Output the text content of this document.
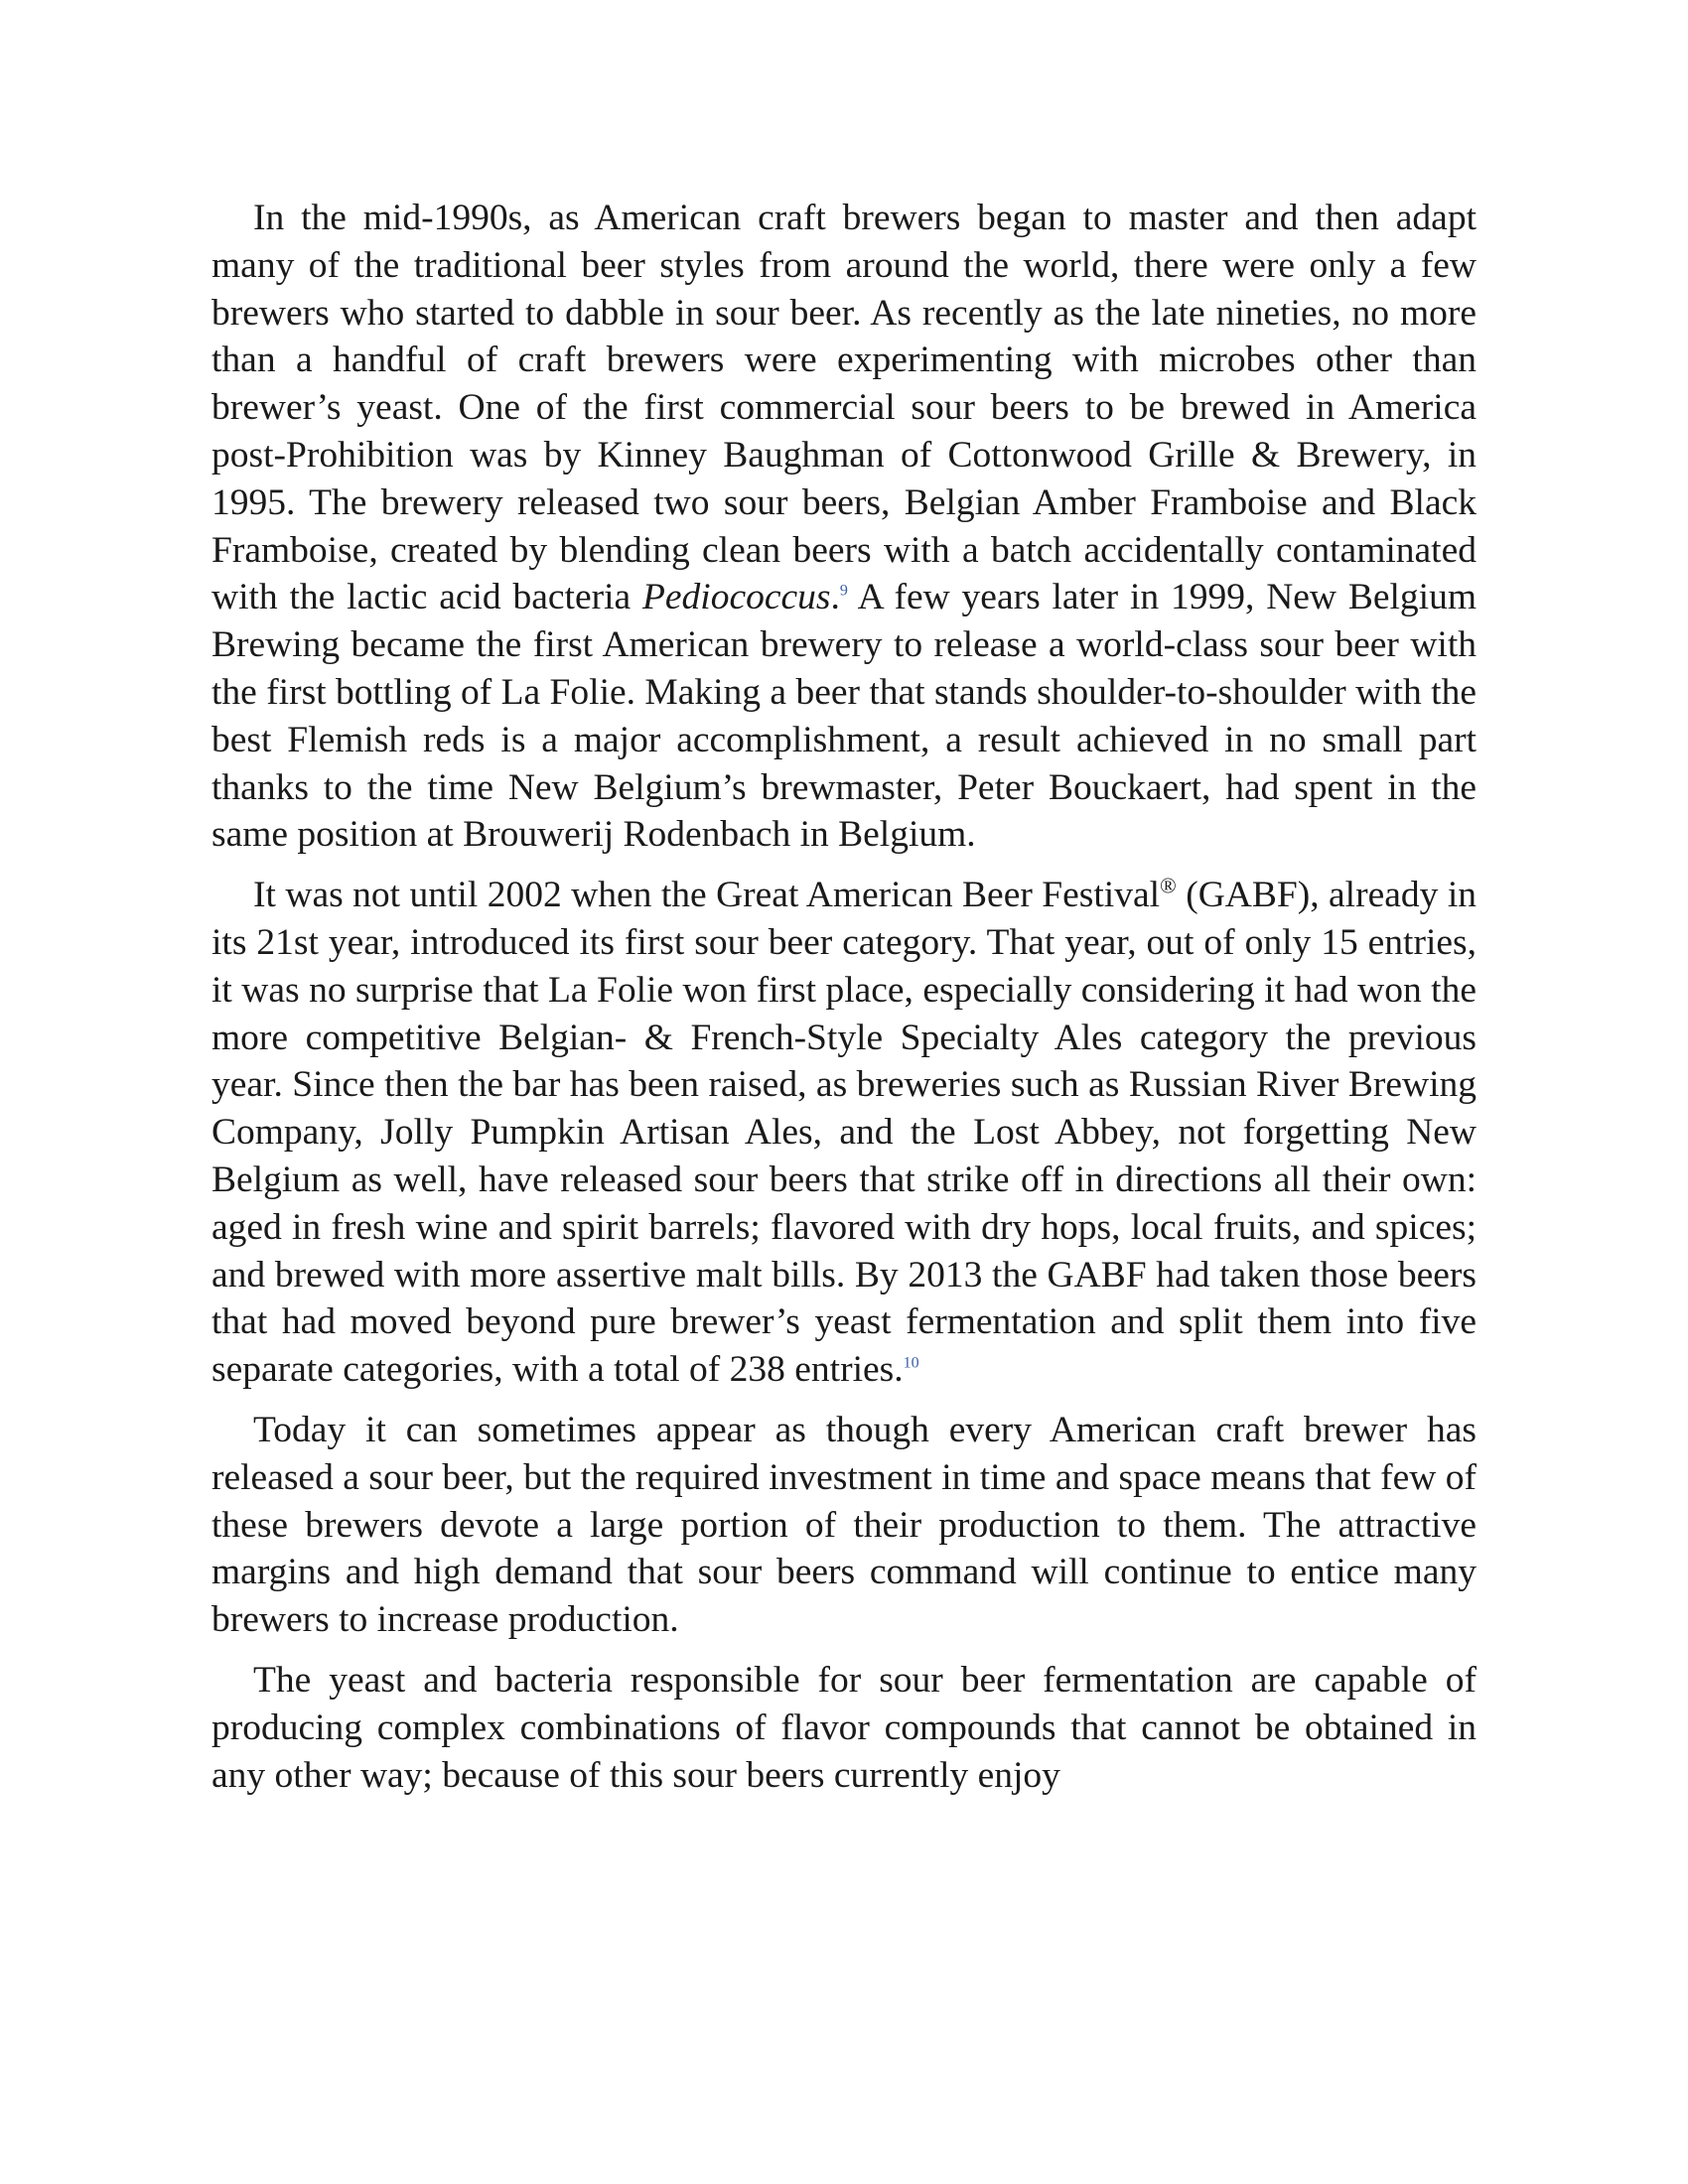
In the mid-1990s, as American craft brewers began to master and then adapt many of the traditional beer styles from around the world, there were only a few brewers who started to dabble in sour beer. As recently as the late nineties, no more than a handful of craft brewers were experimenting with microbes other than brewer’s yeast. One of the first commercial sour beers to be brewed in America post-Prohibition was by Kinney Baughman of Cottonwood Grille & Brewery, in 1995. The brewery released two sour beers, Belgian Amber Framboise and Black Framboise, created by blending clean beers with a batch accidentally contaminated with the lactic acid bacteria Pediococcus.$^9$ A few years later in 1999, New Belgium Brewing became the first American brewery to release a world-class sour beer with the first bottling of La Folie. Making a beer that stands shoulder-to-shoulder with the best Flemish reds is a major accomplishment, a result achieved in no small part thanks to the time New Belgium’s brewmaster, Peter Bouckaert, had spent in the same position at Brouwerij Rodenbach in Belgium.

It was not until 2002 when the Great American Beer Festival® (GABF), already in its 21st year, introduced its first sour beer category. That year, out of only 15 entries, it was no surprise that La Folie won first place, especially considering it had won the more competitive Belgian- & French-Style Specialty Ales category the previous year. Since then the bar has been raised, as breweries such as Russian River Brewing Company, Jolly Pumpkin Artisan Ales, and the Lost Abbey, not forgetting New Belgium as well, have released sour beers that strike off in directions all their own: aged in fresh wine and spirit barrels; flavored with dry hops, local fruits, and spices; and brewed with more assertive malt bills. By 2013 the GABF had taken those beers that had moved beyond pure brewer’s yeast fermentation and split them into five separate categories, with a total of 238 entries.$^{10}$

Today it can sometimes appear as though every American craft brewer has released a sour beer, but the required investment in time and space means that few of these brewers devote a large portion of their production to them. The attractive margins and high demand that sour beers command will continue to entice many brewers to increase production.

The yeast and bacteria responsible for sour beer fermentation are capable of producing complex combinations of flavor compounds that cannot be obtained in any other way; because of this sour beers currently enjoy
